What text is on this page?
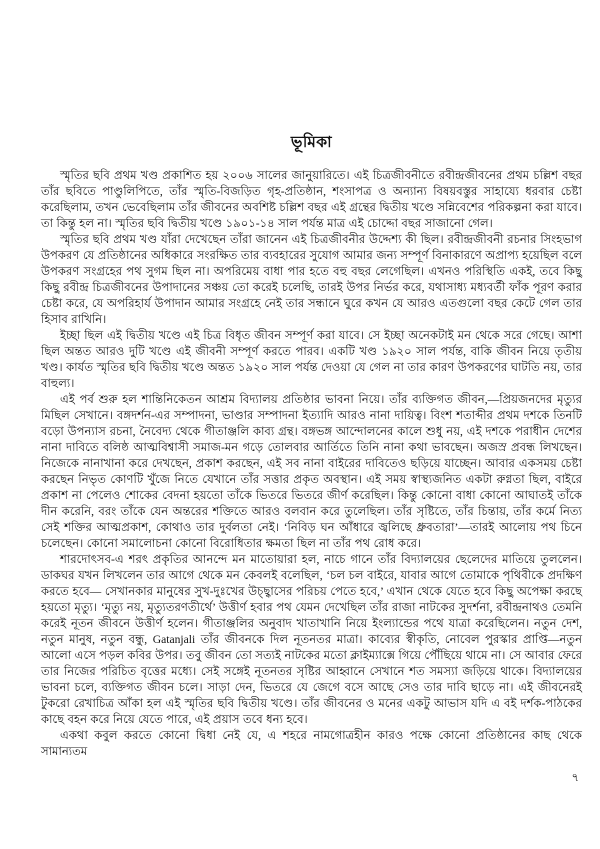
ভূমিকা

স্মৃতির ছবি প্রথম খণ্ড প্রকাশিত হয় ২০০৬ সালের জানুয়ারিতে। এই চিত্রজীবনীতে রবীন্দ্রজীবনের প্রথম চল্লিশ বছর তাঁর ছবিতে পাণ্ডুলিপিতে, তাঁর স্মৃতি-বিজড়িত গৃহ-প্রতিষ্ঠান, শংসাপত্র ও অন্যান্য বিষয়বস্তুর সাহায্যে ধরবার চেষ্টা করেছিলাম, তখন ভেবেছিলাম তাঁর জীবনের অবশিষ্ট চল্লিশ বছর এই গ্রন্থের দ্বিতীয় খণ্ডে সন্নিবেশের পরিকল্পনা করা যাবে। তা কিন্তু হল না। স্মৃতির ছবি দ্বিতীয় খণ্ডে ১৯০১-১৪ সাল পর্যন্ত মাত্র এই চোদ্দো বছর সাজানো গেল।

স্মৃতির ছবি প্রথম খণ্ড যাঁরা দেখেছেন তাঁরা জানেন এই চিত্রজীবনীর উদ্দেশ্য কী ছিল। রবীন্দ্রজীবনী রচনার সিংহভাগ উপকরণ যে প্রতিষ্ঠানের অধিকারে সংরক্ষিত তার ব্যবহারের সুযোগ আমার জন্য সম্পূর্ণ বিনাকারণে অপ্রাপ্য হয়েছিল বলে উপকরণ সংগ্রহের পথ সুগম ছিল না। অপরিমেয় বাধা পার হতে বহু বছর লেগেছিল। এখনও পরিস্থিতি একই, তবে কিছু কিছু রবীন্দ্র চিত্রজীবনের উপাদানের সঞ্চয় তো করেই চলেছি, তারই উপর নির্ভর করে, যথাসাধ্য মধ্যবর্তী ফাঁক পূরণ করার চেষ্টা করে, যে অপরিহার্য উপাদান আমার সংগ্রহে নেই তার সন্ধানে ঘুরে কখন যে আরও এতগুলো বছর কেটে গেল তার হিসাব রাখিনি।

ইচ্ছা ছিল এই দ্বিতীয় খণ্ডে এই চিত্র বিধৃত জীবন সম্পূর্ণ করা যাবে। সে ইচ্ছা অনেকটাই মন থেকে সরে গেছে। আশা ছিল অন্তত আরও দুটি খণ্ডে এই জীবনী সম্পূর্ণ করতে পারব। একটি খণ্ড ১৯২০ সাল পর্যন্ত, বাকি জীবন নিয়ে তৃতীয় খণ্ড। কার্যত স্মৃতির ছবি দ্বিতীয় খণ্ডে অন্তত ১৯২০ সাল পর্যন্ত দেওয়া যে গেল না তার কারণ উপকরণের ঘাটতি নয়, তার বাহুল্য।

এই পর্ব শুরু হল শান্তিনিকেতন আশ্রম বিদ্যালয় প্রতিষ্ঠার ভাবনা নিয়ে। তাঁর ব্যক্তিগত জীবন,—প্রিয়জনদের মৃত্যুর মিছিল সেখানে। বঙ্গদর্শন-এর সম্পাদনা, ভাণ্ডার সম্পাদনা ইত্যাদি আরও নানা দায়িত্ব। বিংশ শতাব্দীর প্রথম দশকে তিনটি বড়ো উপন্যাস রচনা, নৈবেদ্য থেকে গীতাঞ্জলি কাব্য গ্রন্থ। বঙ্গভঙ্গ আন্দোলনের কালে শুধু নয়, এই দশকে পরাধীন দেশের নানা দাবিতে বলিষ্ঠ আত্মবিশ্বাসী সমাজ-মন গড়ে তোলবার আর্তিতে তিনি নানা কথা ভাবছেন। অজস্র প্রবন্ধ লিখছেন। নিজেকে নানাখানা করে দেখছেন, প্রকাশ করছেন, এই সব নানা বাইরের দাবিতেও ছড়িয়ে যাচ্ছেন। আবার একসময় চেষ্টা করছেন নিভৃত কোণটি খুঁজে নিতে যেখানে তাঁর সত্তার প্রকৃত অবস্থান। এই সময় স্বাস্থ্যজনিত একটা রুগ্নতা ছিল, বাইরে প্রকাশ না পেলেও শোকের বেদনা হয়তো তাঁকে ভিতরে ভিতরে জীর্ণ করেছিল। কিন্তু কোনো বাধা কোনো আঘাতই তাঁকে দীন করেনি, বরং তাঁকে যেন অন্তরের শক্তিতে আরও বলবান করে তুলেছিল। তাঁর সৃষ্টিতে, তাঁর চিন্তায়, তাঁর কর্মে নিত্য সেই শক্তির আত্মপ্রকাশ, কোথাও তার দুর্বলতা নেই। ‘নিবিড় ঘন আঁধারে জ্বলিছে ধ্রুবতারা’—তারই আলোয় পথ চিনে চলেছেন। কোনো সমালোচনা কোনো বিরোধিতার ক্ষমতা ছিল না তাঁর পথ রোধ করে।

শারদোৎসব-এ শরৎ প্রকৃতির আনন্দে মন মাতোয়ারা হল, নাচে গানে তাঁর বিদ্যালয়ের ছেলেদের মাতিয়ে তুললেন। ডাকঘর যখন লিখলেন তার আগে থেকে মন কেবলই বলেছিল, ‘চল চল বাইরে, যাবার আগে তোমাকে পৃথিবীকে প্রদক্ষিণ করতে হবে— সেখানকার মানুষের সুখ-দুঃখের উচ্ছ্বাসের পরিচয় পেতে হবে,’ এখান থেকে যেতে হবে কিছু অপেক্ষা করছে হয়তো মৃত্যু। ‘মৃত্যু নয়, মৃত্যুতরণতীর্থে’ উত্তীর্ণ হবার পথ যেমন দেখেছিল তাঁর রাজা নাটকের সুদর্শনা, রবীন্দ্রনাথও তেমনি করেই নূতন জীবনে উত্তীর্ণ হলেন। গীতাঞ্জলির অনুবাদ খাতাখানি নিয়ে ইংল্যান্ডের পথে যাত্রা করেছিলেন। নতুন দেশ, নতুন মানুষ, নতুন বন্ধু, Gatanjali তাঁর জীবনকে দিল নূতনতর মাত্রা। কাব্যের স্বীকৃতি, নোবেল পুরস্কার প্রাপ্তি—নতুন আলো এসে পড়ল কবির উপর। তবু জীবন তো সত্যই নাটকের মতো ক্লাইম্যাক্সে গিয়ে পৌঁছিয়ে থামে না। সে আবার ফেরে তার নিজের পরিচিত বৃত্তের মধ্যে। সেই সঙ্গেই নূতনতর সৃষ্টির আহ্বানে সেখানে শত সমস্যা জড়িয়ে থাকে। বিদ্যালয়ের ভাবনা চলে, ব্যক্তিগত জীবন চলে। সাড়া দেন, ভিতরে যে জেগে বসে আছে সেও তার দাবি ছাড়ে না। এই জীবনেরই টুকরো রেখাচিত্র আঁকা হল এই স্মৃতির ছবি দ্বিতীয় খণ্ডে। তাঁর জীবনের ও মনের একটু আভাস যদি এ বই দর্শক-পাঠকের কাছে বহন করে নিয়ে যেতে পারে, এই প্রয়াস তবে ধন্য হবে।

একথা কবুল করতে কোনো দ্বিধা নেই যে, এ শহরে নামগোত্রহীন কারও পক্ষে কোনো প্রতিষ্ঠানের কাছ থেকে সামান্যতম

৭
